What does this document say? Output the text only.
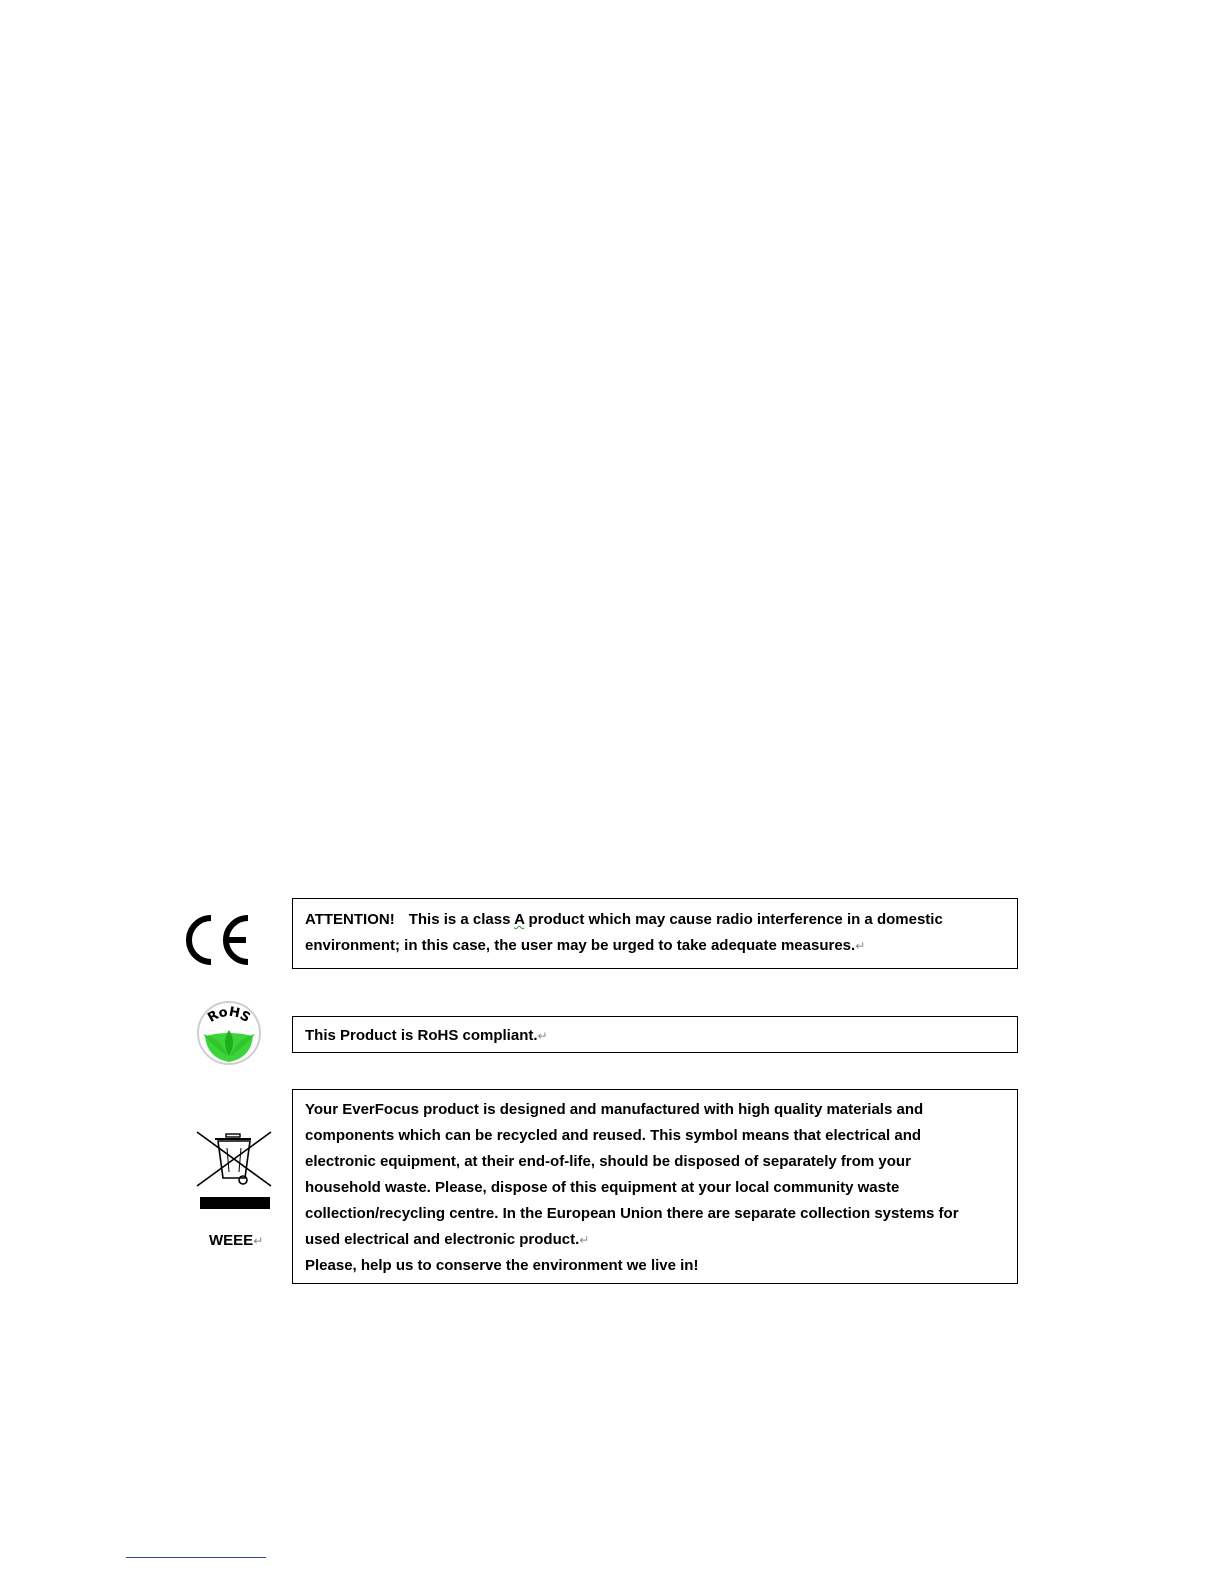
ATTENTION! This is a class A product which may cause radio interference in a domestic
environment; in this case, the user may be urged to take adequate measures.↵
RoHS
This Product is RoHS compliant.↵
WEEE↵
Your EverFocus product is designed and manufactured with high quality materials and
components which can be recycled and reused. This symbol means that electrical and
electronic equipment, at their end-of-life, should be disposed of separately from your
household waste. Please, dispose of this equipment at your local community waste
collection/recycling centre. In the European Union there are separate collection systems for
used electrical and electronic product.↵
Please, help us to conserve the environment we live in!
